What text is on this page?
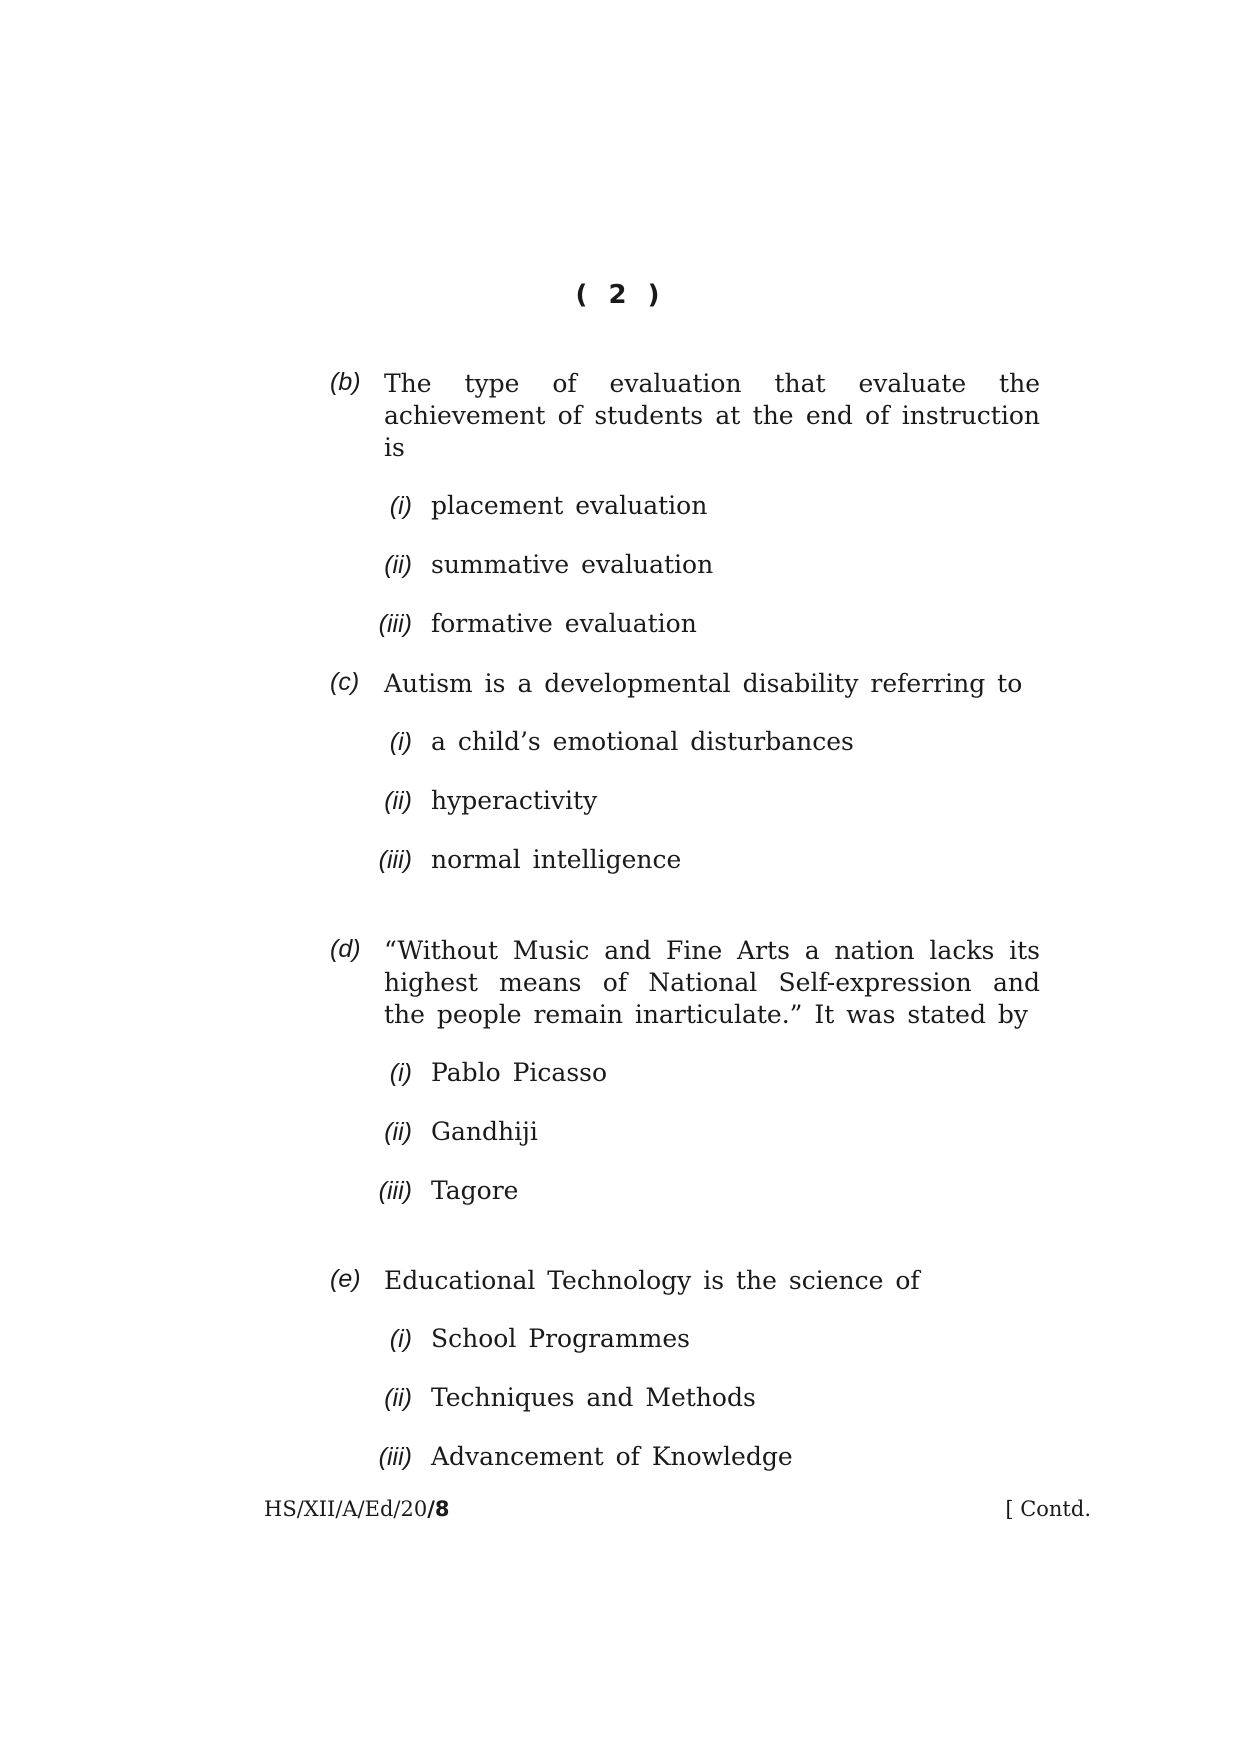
( 2 )
(b) The type of evaluation that evaluate the achievement of students at the end of instruction is
(i) placement evaluation
(ii) summative evaluation
(iii) formative evaluation
(c) Autism is a developmental disability referring to
(i) a child’s emotional disturbances
(ii) hyperactivity
(iii) normal intelligence
(d) “Without Music and Fine Arts a nation lacks its highest means of National Self-expression and the people remain inarticulate.” It was stated by
(i) Pablo Picasso
(ii) Gandhiji
(iii) Tagore
(e) Educational Technology is the science of
(i) School Programmes
(ii) Techniques and Methods
(iii) Advancement of Knowledge
HS/XII/A/Ed/20/8	[ Contd.
